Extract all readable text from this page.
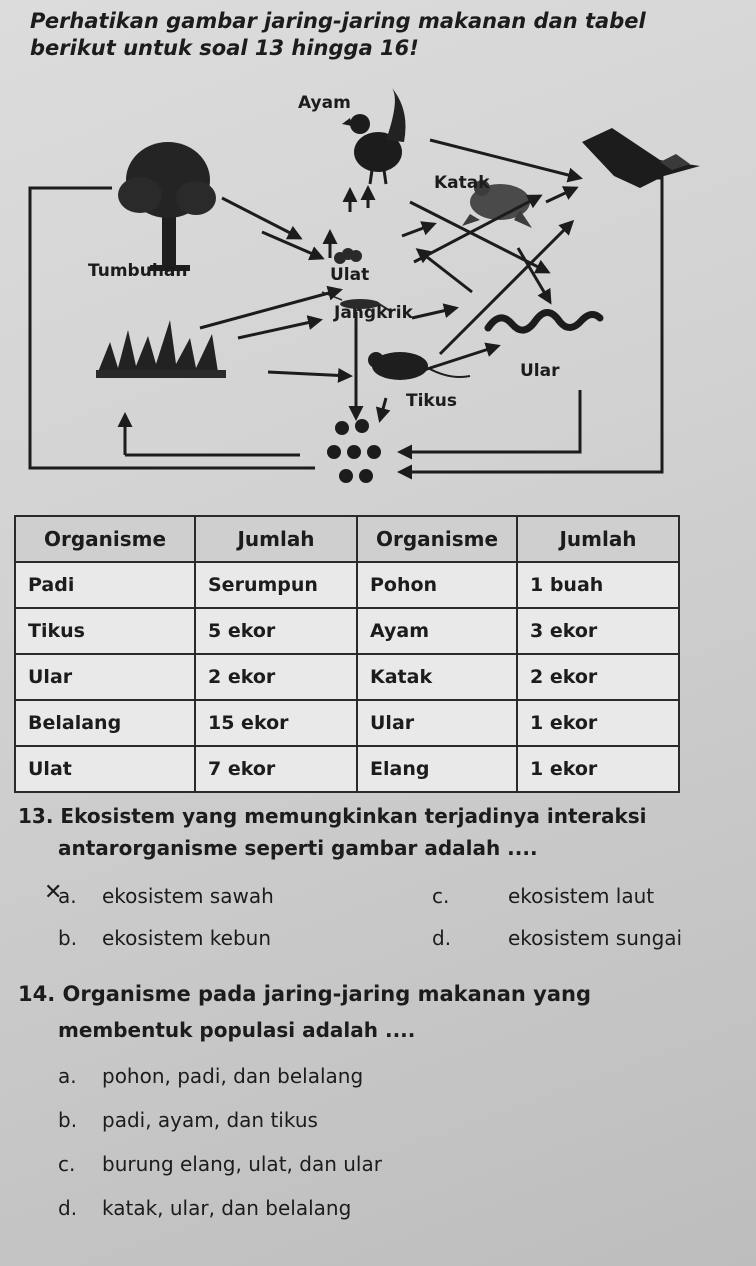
Perhatikan gambar jaring-jaring makanan dan tabel
berikut untuk soal 13 hingga 16!
Ayam
Katak
Ulat
Tumbuhan
Jangkrik
Ular
Tikus
Organisme	Jumlah	Organisme	Jumlah
Padi	Serumpun	Pohon	1 buah
Tikus	5 ekor	Ayam	3 ekor
Ular	2 ekor	Katak	2 ekor
Belalang	15 ekor	Ular	1 ekor
Ulat	7 ekor	Elang	1 ekor
13. Ekosistem yang memungkinkan terjadinya interaksi
antarorganisme seperti gambar adalah ....
a. ekosistem sawah
✕
b. ekosistem kebun
c.	ekosistem laut
d.	ekosistem sungai
14. Organisme pada jaring-jaring makanan yang
membentuk populasi adalah ....
a. pohon, padi, dan belalang
b. padi, ayam, dan tikus
c. burung elang, ulat, dan ular
d. katak, ular, dan belalang
